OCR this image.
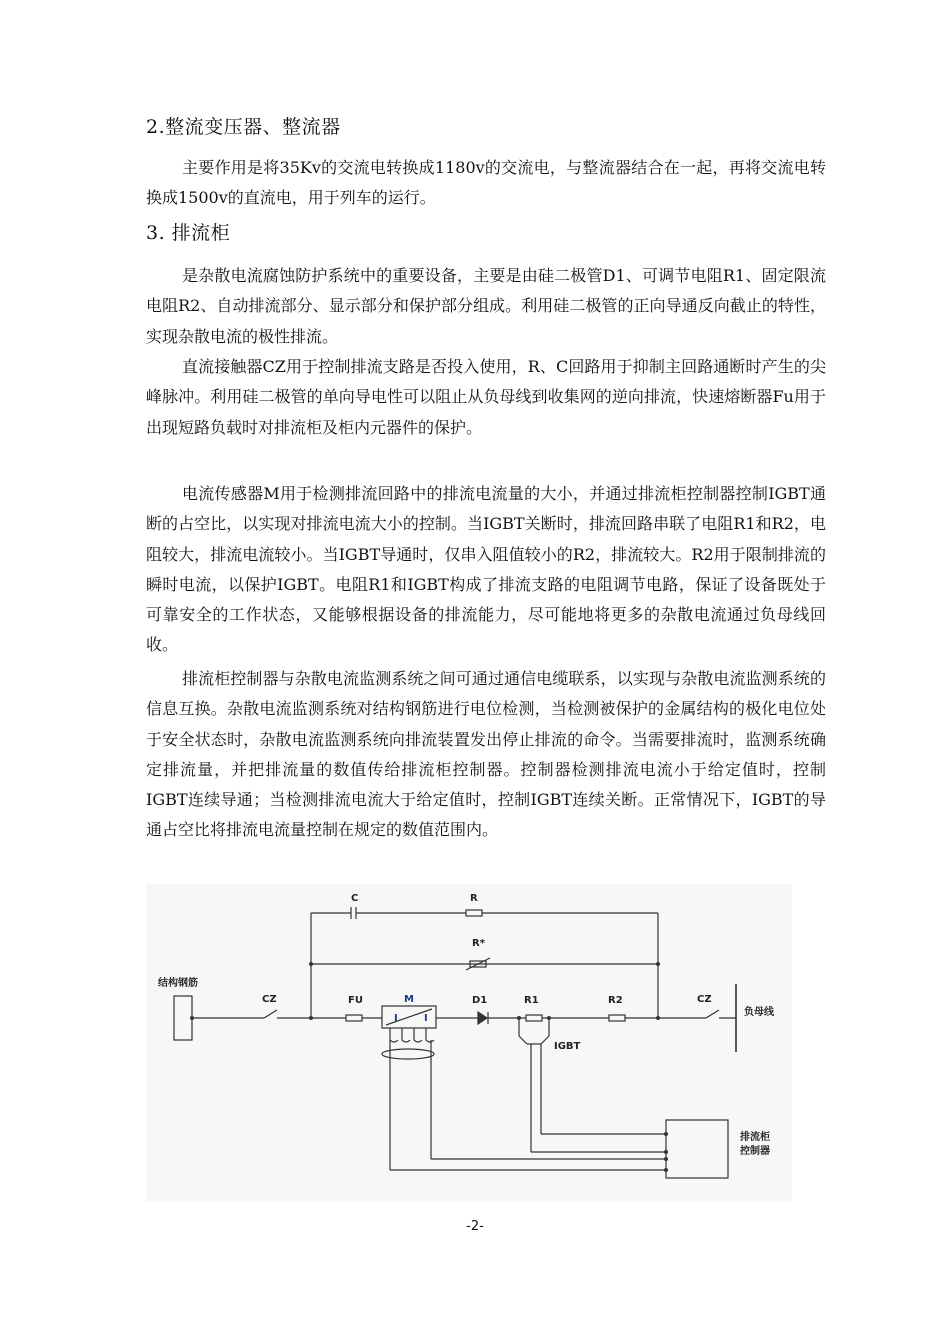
2.整流变压器、整流器

主要作用是将35Kv的交流电转换成1180v的交流电，与整流器结合在一起，再将交流电转换成1500v的直流电，用于列车的运行。

3. 排流柜

是杂散电流腐蚀防护系统中的重要设备，主要是由硅二极管D1、可调节电阻R1、固定限流电阻R2、自动排流部分、显示部分和保护部分组成。利用硅二极管的正向导通反向截止的特性，实现杂散电流的极性排流。

直流接触器CZ用于控制排流支路是否投入使用，R、C回路用于抑制主回路通断时产生的尖峰脉冲。利用硅二极管的单向导电性可以阻止从负母线到收集网的逆向排流，快速熔断器Fu用于出现短路负载时对排流柜及柜内元器件的保护。

电流传感器M用于检测排流回路中的排流电流量的大小，并通过排流柜控制器控制IGBT通断的占空比，以实现对排流电流大小的控制。当IGBT关断时，排流回路串联了电阻R1和R2，电阻较大，排流电流较小。当IGBT导通时，仅串入阻值较小的R2，排流较大。R2用于限制排流的瞬时电流，以保护IGBT。电阻R1和IGBT构成了排流支路的电阻调节电路，保证了设备既处于可靠安全的工作状态，又能够根据设备的排流能力，尽可能地将更多的杂散电流通过负母线回收。

排流柜控制器与杂散电流监测系统之间可通过通信电缆联系，以实现与杂散电流监测系统的信息互换。杂散电流监测系统对结构钢筋进行电位检测，当检测被保护的金属结构的极化电位处于安全状态时，杂散电流监测系统向排流装置发出停止排流的命令。当需要排流时，监测系统确定排流量，并把排流量的数值传给排流柜控制器。控制器检测排流电流小于给定值时，控制IGBT连续导通；当检测排流电流大于给定值时，控制IGBT连续关断。正常情况下，IGBT的导通占空比将排流电流量控制在规定的数值范围内。

结构钢筋
CZ	FU	M
I	I
D1	R1	R2	CZ
负母线
C	R
R*
IGBT
排流柜
控制器
-2-
